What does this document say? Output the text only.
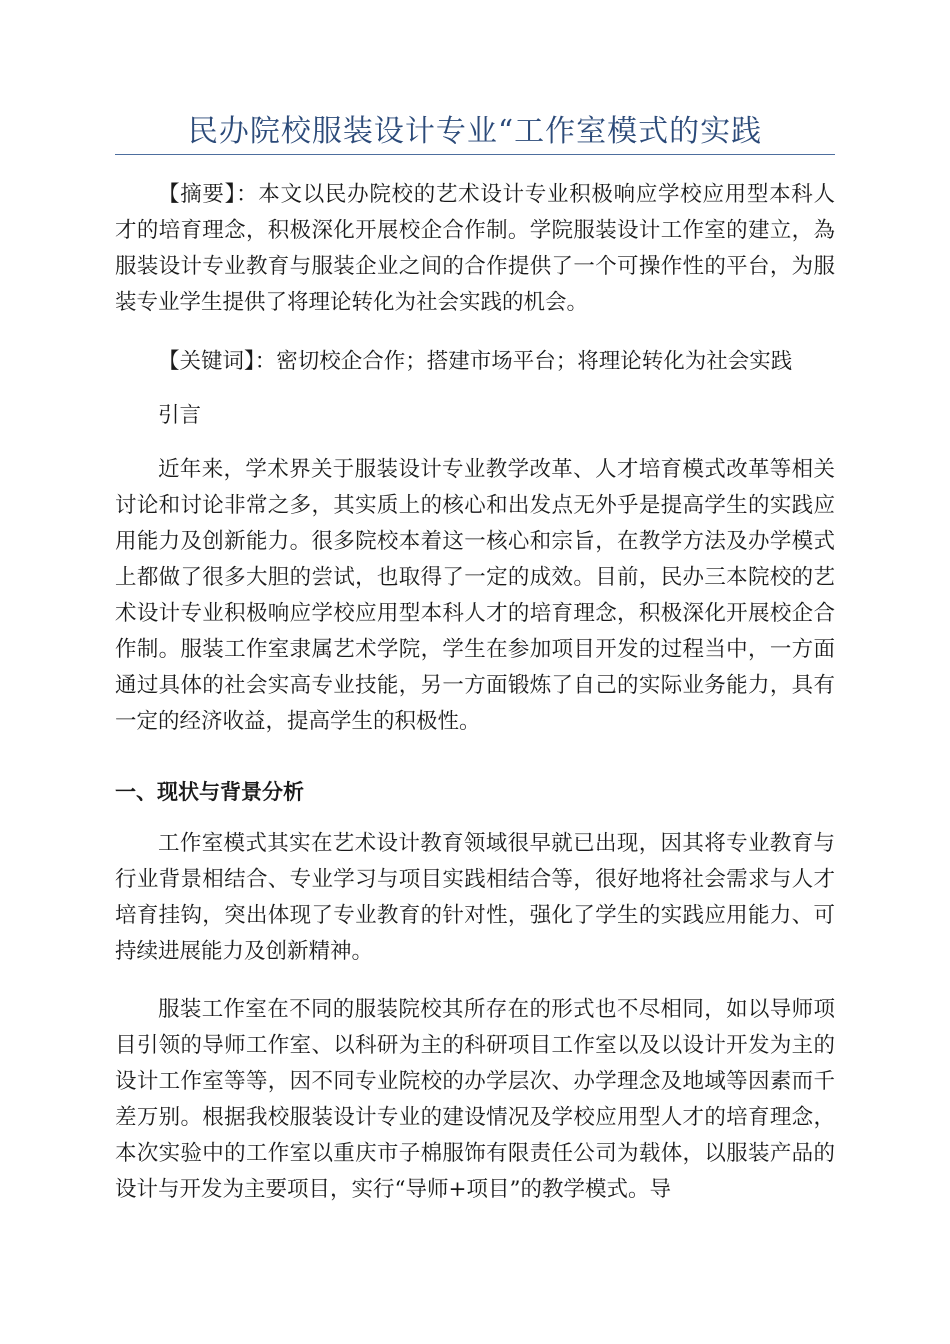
民办院校服装设计专业“工作室模式的实践

【摘要】：本文以民办院校的艺术设计专业积极响应学校应用型本科人才的培育理念，积极深化开展校企合作制。学院服装设计工作室的建立，為服装设计专业教育与服装企业之间的合作提供了一个可操作性的平台，为服装专业学生提供了将理论转化为社会实践的机会。

【关键词】：密切校企合作；搭建市场平台；将理论转化为社会实践

引言

近年来，学术界关于服装设计专业教学改革、人才培育模式改革等相关讨论和讨论非常之多，其实质上的核心和出发点无外乎是提高学生的实践应用能力及创新能力。很多院校本着这一核心和宗旨，在教学方法及办学模式上都做了很多大胆的尝试，也取得了一定的成效。目前，民办三本院校的艺术设计专业积极响应学校应用型本科人才的培育理念，积极深化开展校企合作制。服装工作室隶属艺术学院，学生在参加项目开发的过程当中，一方面通过具体的社会实高专业技能，另一方面锻炼了自己的实际业务能力，具有一定的经济收益，提高学生的积极性。

一、现状与背景分析

工作室模式其实在艺术设计教育领域很早就已出现，因其将专业教育与行业背景相结合、专业学习与项目实践相结合等，很好地将社会需求与人才培育挂钩，突出体现了专业教育的针对性，强化了学生的实践应用能力、可持续进展能力及创新精神。

服装工作室在不同的服装院校其所存在的形式也不尽相同，如以导师项目引领的导师工作室、以科研为主的科研项目工作室以及以设计开发为主的设计工作室等等，因不同专业院校的办学层次、办学理念及地域等因素而千差万别。根据我校服装设计专业的建设情况及学校应用型人才的培育理念，本次实验中的工作室以重庆市子棉服饰有限责任公司为载体，以服装产品的设计与开发为主要项目，实行“导师+项目”的教学模式。导
